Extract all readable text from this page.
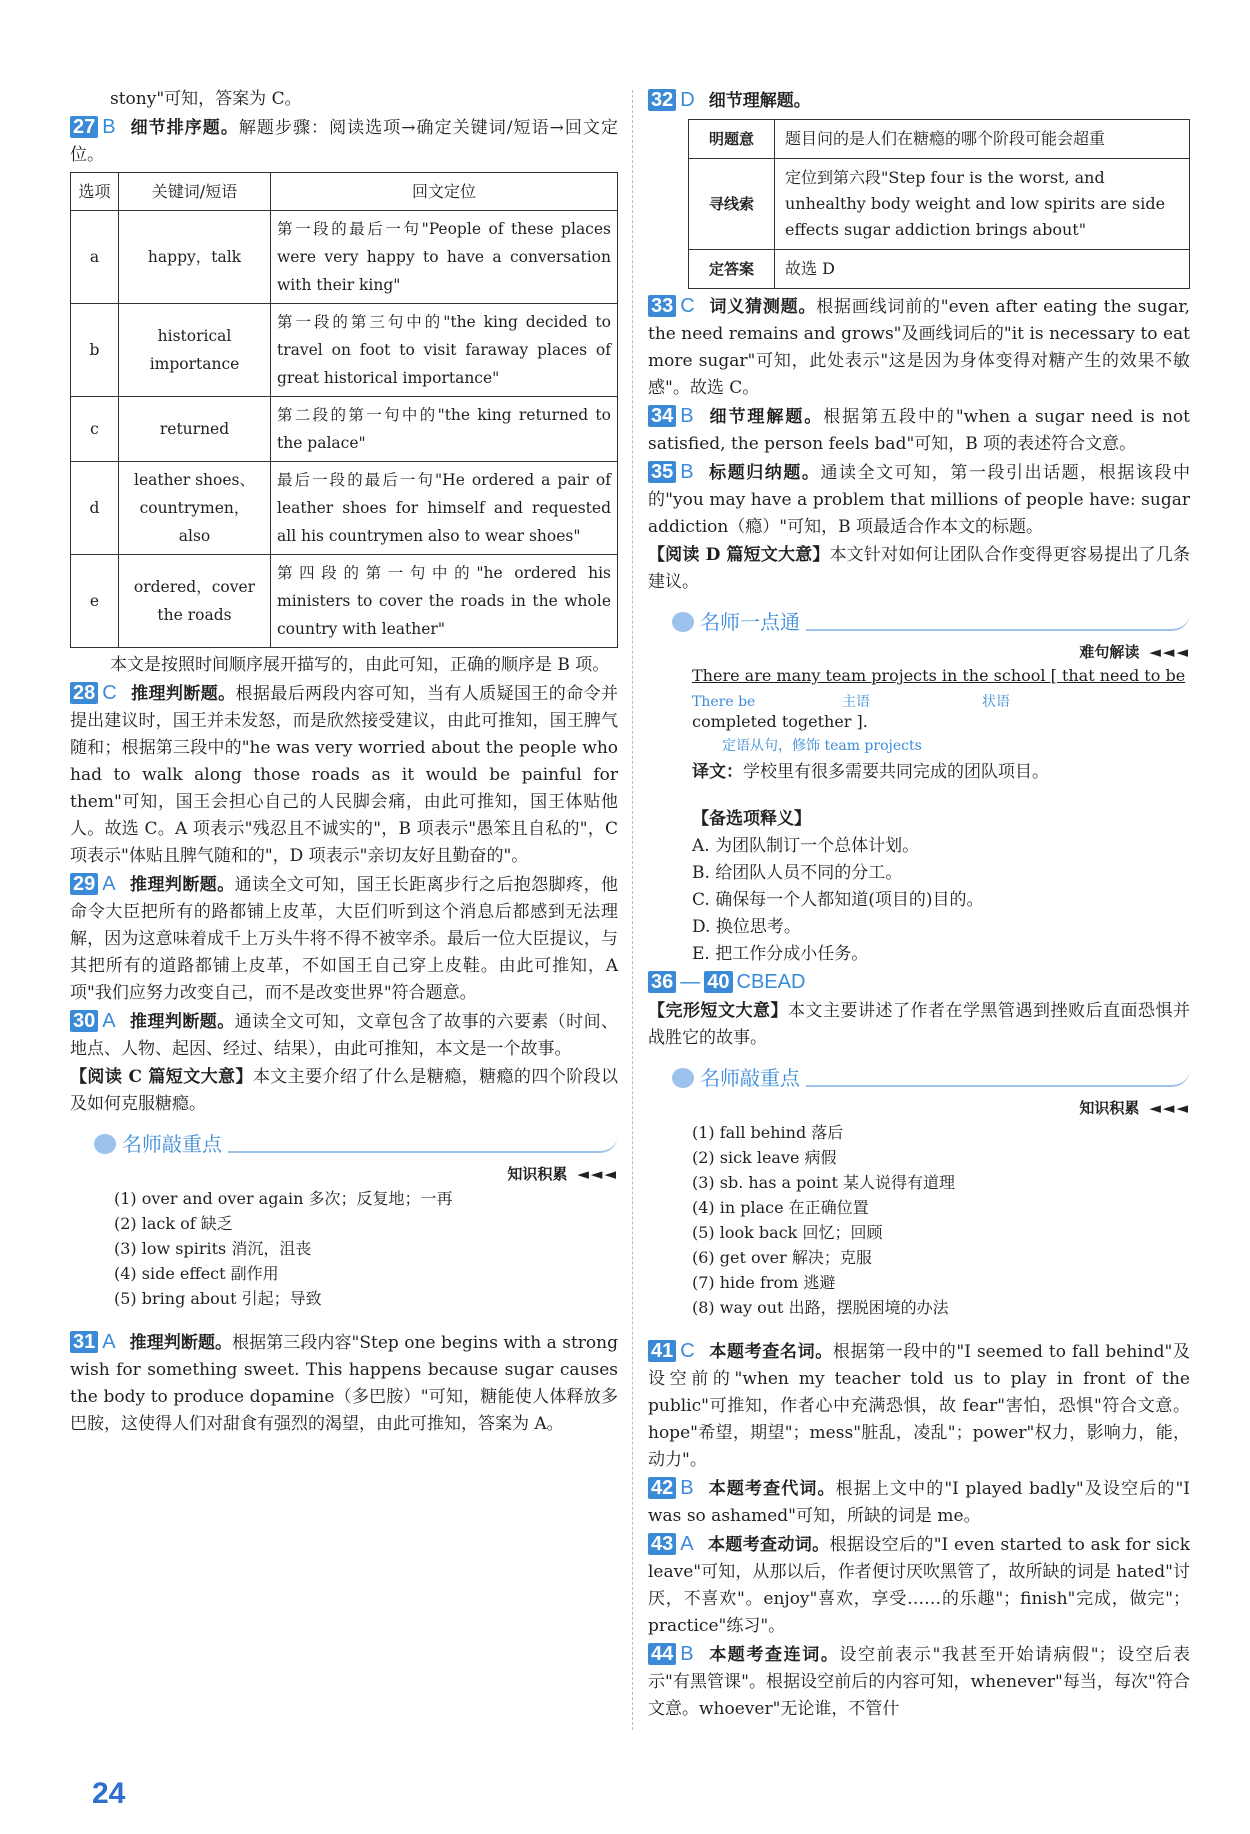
stony"可知，答案为 C。

27 B 细节排序题。解题步骤：阅读选项→确定关键词/短语→回文定位。

选项	关键词/短语	回文定位
a	happy，talk	第一段的最后一句"People of these places were very happy to have a conversation with their king"
b	historical importance	第一段的第三句中的"the king decided to travel on foot to visit faraway places of great historical importance"
c	returned	第二段的第一句中的"the king returned to the palace"
d	leather shoes、countrymen，also	最后一段的最后一句"He ordered a pair of leather shoes for himself and requested all his countrymen also to wear shoes"
e	ordered，cover the roads	第四段的第一句中的"he ordered his ministers to cover the roads in the whole country with leather"

本文是按照时间顺序展开描写的，由此可知，正确的顺序是 B 项。

28 C 推理判断题。根据最后两段内容可知，当有人质疑国王的命令并提出建议时，国王并未发怒，而是欣然接受建议，由此可推知，国王脾气随和；根据第三段中的"he was very worried about the people who had to walk along those roads as it would be painful for them"可知，国王会担心自己的人民脚会痛，由此可推知，国王体贴他人。故选 C。A 项表示"残忍且不诚实的"，B 项表示"愚笨且自私的"，C 项表示"体贴且脾气随和的"，D 项表示"亲切友好且勤奋的"。

29 A 推理判断题。通读全文可知，国王长距离步行之后抱怨脚疼，他命令大臣把所有的路都铺上皮革，大臣们听到这个消息后都感到无法理解，因为这意味着成千上万头牛将不得不被宰杀。最后一位大臣提议，与其把所有的道路都铺上皮革，不如国王自己穿上皮鞋。由此可推知，A 项"我们应努力改变自己，而不是改变世界"符合题意。

30 A 推理判断题。通读全文可知，文章包含了故事的六要素（时间、地点、人物、起因、经过、结果），由此可推知，本文是一个故事。

【阅读 C 篇短文大意】本文主要介绍了什么是糖瘾，糖瘾的四个阶段以及如何克服糖瘾。

名师敲重点
知识积累 ◄◄◄
(1) over and over again 多次；反复地；一再
(2) lack of 缺乏
(3) low spirits 消沉，沮丧
(4) side effect 副作用
(5) bring about 引起；导致

31 A 推理判断题。根据第三段内容"Step one begins with a strong wish for something sweet. This happens because sugar causes the body to produce dopamine（多巴胺）"可知，糖能使人体释放多巴胺，这使得人们对甜食有强烈的渴望，由此可推知，答案为 A。

32 D 细节理解题。

明题意	题目问的是人们在糖瘾的哪个阶段可能会超重
寻线索	定位到第六段"Step four is the worst, and unhealthy body weight and low spirits are side effects sugar addiction brings about"
定答案	故选 D

33 C 词义猜测题。根据画线词前的"even after eating the sugar, the need remains and grows"及画线词后的"it is necessary to eat more sugar"可知，此处表示"这是因为身体变得对糖产生的效果不敏感"。故选 C。

34 B 细节理解题。根据第五段中的"when a sugar need is not satisfied, the person feels bad"可知，B 项的表述符合文意。

35 B 标题归纳题。通读全文可知，第一段引出话题，根据该段中的"you may have a problem that millions of people have: sugar addiction（瘾）"可知，B 项最适合作本文的标题。

【阅读 D 篇短文大意】本文针对如何让团队合作变得更容易提出了几条建议。

名师一点通
难句解读 ◄◄◄
There are many team projects in the school [ that need to be
There be	主语	状语
completed together ].
定语从句，修饰 team projects

译文：学校里有很多需要共同完成的团队项目。

【备选项释义】
A. 为团队制订一个总体计划。
B. 给团队人员不同的分工。
C. 确保每一个人都知道(项目的)目的。
D. 换位思考。
E. 把工作分成小任务。

36 — 40 CBEAD

【完形短文大意】本文主要讲述了作者在学黑管遇到挫败后直面恐惧并战胜它的故事。

名师敲重点
知识积累 ◄◄◄
(1) fall behind 落后
(2) sick leave 病假
(3) sb. has a point 某人说得有道理
(4) in place 在正确位置
(5) look back 回忆；回顾
(6) get over 解决；克服
(7) hide from 逃避
(8) way out 出路，摆脱困境的办法

41 C 本题考查名词。根据第一段中的"I seemed to fall behind"及设空前的"when my teacher told us to play in front of the public"可推知，作者心中充满恐惧，故 fear"害怕，恐惧"符合文意。hope"希望，期望"；mess"脏乱，凌乱"；power"权力，影响力，能，动力"。

42 B 本题考查代词。根据上文中的"I played badly"及设空后的"I was so ashamed"可知，所缺的词是 me。

43 A 本题考查动词。根据设空后的"I even started to ask for sick leave"可知，从那以后，作者便讨厌吹黑管了，故所缺的词是 hated"讨厌，不喜欢"。enjoy"喜欢，享受……的乐趣"；finish"完成，做完"；practice"练习"。

44 B 本题考查连词。设空前表示"我甚至开始请病假"；设空后表示"有黑管课"。根据设空前后的内容可知，whenever"每当，每次"符合文意。whoever"无论谁，不管什

24
